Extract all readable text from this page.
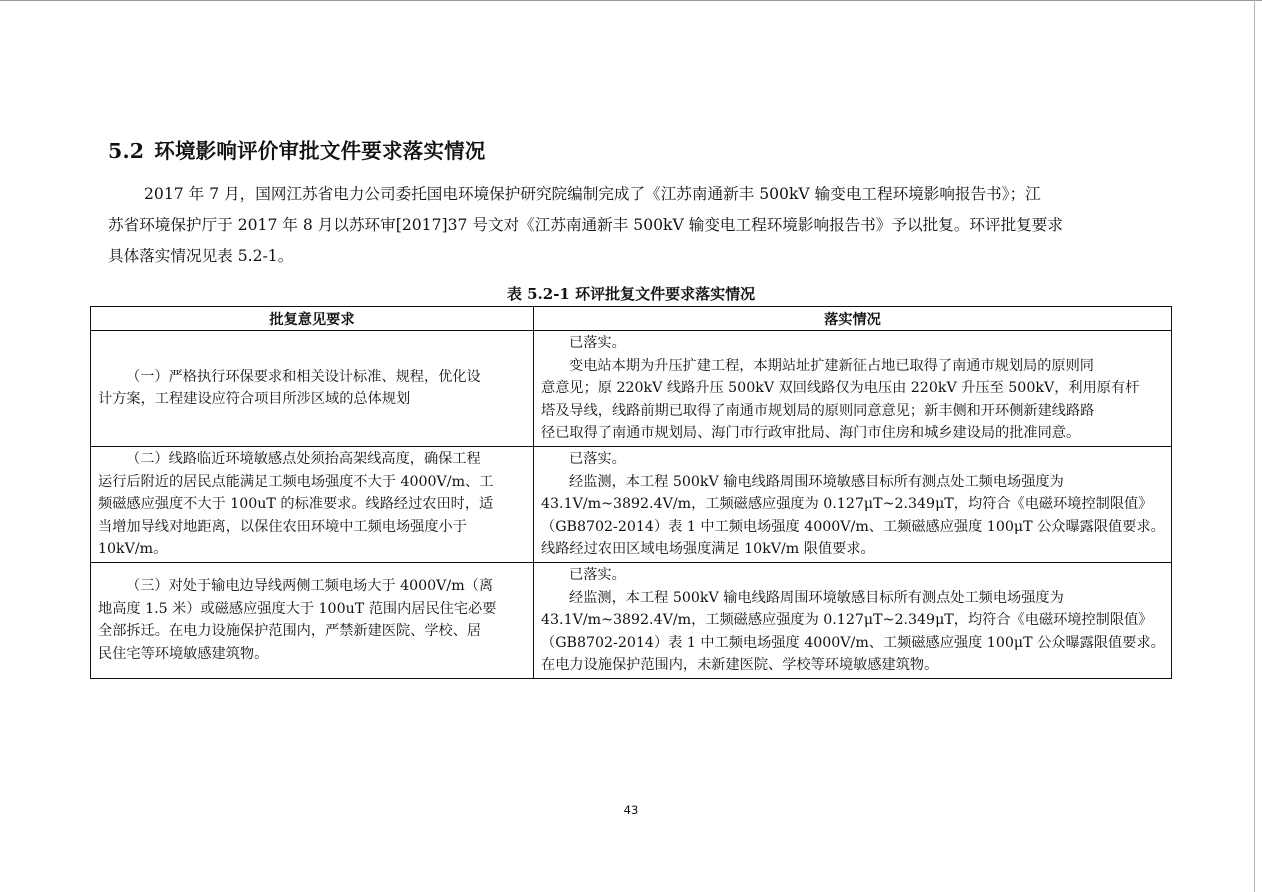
5.2 环境影响评价审批文件要求落实情况
2017 年 7 月，国网江苏省电力公司委托国电环境保护研究院编制完成了《江苏南通新丰 500kV 输变电工程环境影响报告书》；江
苏省环境保护厅于 2017 年 8 月以苏环审[2017]37 号文对《江苏南通新丰 500kV 输变电工程环境影响报告书》予以批复。环评批复要求
具体落实情况见表 5.2-1。
表 5.2-1 环评批复文件要求落实情况
批复意见要求	落实情况

（一）严格执行环保要求和相关设计标准、规程，优化设
计方案，工程建设应符合项目所涉区域的总体规划	已落实。
变电站本期为升压扩建工程，本期站址扩建新征占地已取得了南通市规划局的原则同
意意见；原 220kV 线路升压 500kV 双回线路仅为电压由 220kV 升压至 500kV，利用原有杆
塔及导线，线路前期已取得了南通市规划局的原则同意意见；新丰侧和开环侧新建线路路
径已取得了南通市规划局、海门市行政审批局、海门市住房和城乡建设局的批准同意。

（二）线路临近环境敏感点处须抬高架线高度，确保工程
运行后附近的居民点能满足工频电场强度不大于 4000V/m、工
频磁感应强度不大于 100uT 的标准要求。线路经过农田时，适
当增加导线对地距离，以保住农田环境中工频电场强度小于
10kV/m。	已落实。
经监测，本工程 500kV 输电线路周围环境敏感目标所有测点处工频电场强度为
43.1V/m~3892.4V/m，工频磁感应强度为 0.127μT~2.349μT，均符合《电磁环境控制限值》
（GB8702-2014）表 1 中工频电场强度 4000V/m、工频磁感应强度 100μT 公众曝露限值要求。
线路经过农田区域电场强度满足 10kV/m 限值要求。

（三）对处于输电边导线两侧工频电场大于 4000V/m（离
地高度 1.5 米）或磁感应强度大于 100uT 范围内居民住宅必要
全部拆迁。在电力设施保护范围内，严禁新建医院、学校、居
民住宅等环境敏感建筑物。	已落实。
经监测，本工程 500kV 输电线路周围环境敏感目标所有测点处工频电场强度为
43.1V/m~3892.4V/m，工频磁感应强度为 0.127μT~2.349μT，均符合《电磁环境控制限值》
（GB8702-2014）表 1 中工频电场强度 4000V/m、工频磁感应强度 100μT 公众曝露限值要求。
在电力设施保护范围内，未新建医院、学校等环境敏感建筑物。
43
